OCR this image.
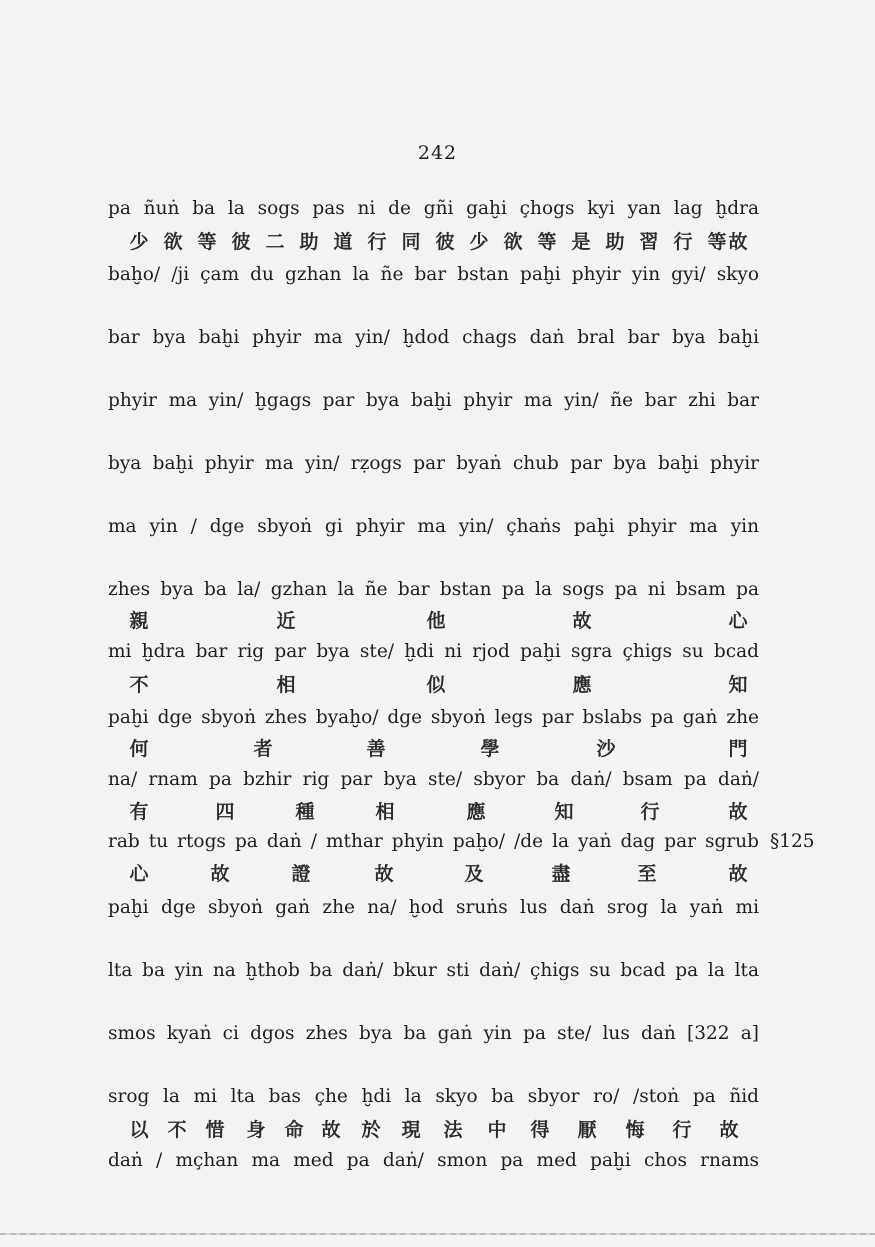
242
pa ñuṅ ba la sogs pas ni de gñi gaḫi çhogs kyi yan lag ḫdra
少 欲 等 彼 二 助 道 行 同 彼 少 欲 等 是 助 習 行 等 故
baḫo/ /ji çam du gzhan la ñe bar bstan paḫi phyir yin gyi/ skyo
bar bya baḫi phyir ma yin/ ḫdod chags daṅ bral bar bya baḫi
phyir ma yin/ ḫgags par bya baḫi phyir ma yin/ ñe bar zhi bar
bya baḫi phyir ma yin/ rẓogs par byaṅ chub par bya baḫi phyir
ma yin / dge sbyoṅ gi phyir ma yin/ çhaṅs paḫi phyir ma yin
zhes bya ba la/ gzhan la ñe bar bstan pa la sogs pa ni bsam pa
親	近	他	故	心
mi ḫdra bar rig par bya ste/ ḫdi ni rjod paḫi sgra çhigs su bcad
不	相	似	應	知
paḫi dge sbyoṅ zhes byaḫo/ dge sbyoṅ legs par bslabs pa gaṅ zhe
何	者	善	學	沙	門
na/ rnam pa bzhir rig par bya ste/ sbyor ba daṅ/ bsam pa daṅ/
有	四	種	相	應	知	行	故
rab tu rtogs pa daṅ / mthar phyin paḫo/ /de la yaṅ dag par sgrub §125
心	故	證	故	及	盡	至	故
paḫi dge sbyoṅ gaṅ zhe na/ ḫod sruṅs lus daṅ srog la yaṅ mi
lta ba yin na ḫthob ba daṅ/ bkur sti daṅ/ çhigs su bcad pa la lta
smos kyaṅ ci dgos zhes bya ba gaṅ yin pa ste/ lus daṅ [322 a]
srog la mi lta bas çhe ḫdi la skyo ba sbyor ro/ /stoṅ pa ñid
以 不 惜 身 命 故 於 現 法 中 得 厭 悔 行 故
daṅ / mçhan ma med pa daṅ/ smon pa med paḫi chos rnams
